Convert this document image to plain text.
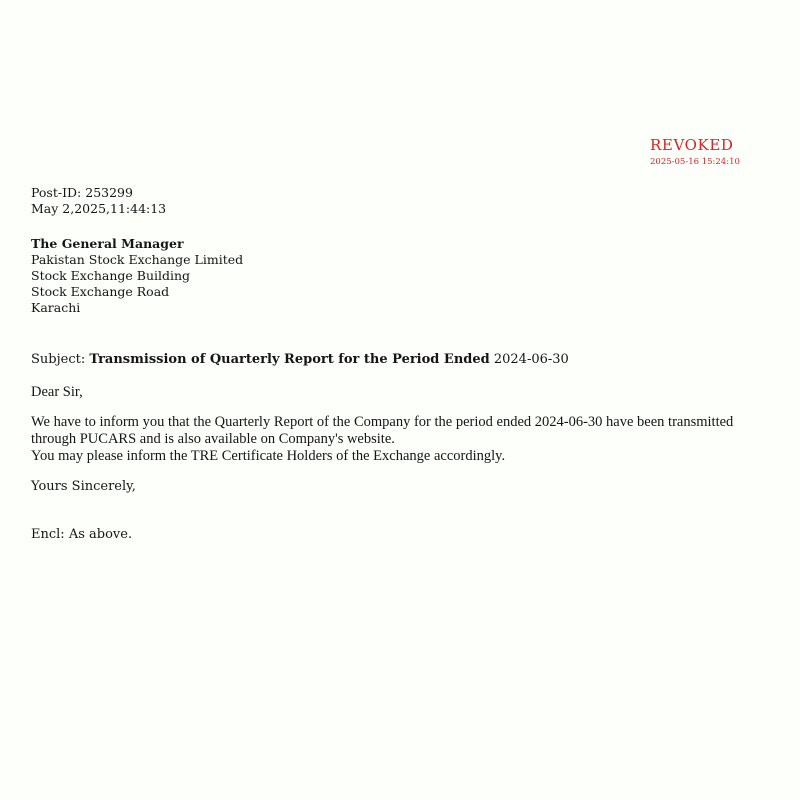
REVOKED
2025-05-16 15:24:10
Post-ID: 253299
May 2,2025,11:44:13
The General Manager
Pakistan Stock Exchange Limited
Stock Exchange Building
Stock Exchange Road
Karachi
Subject: Transmission of Quarterly Report for the Period Ended 2024-06-30
Dear Sir,
We have to inform you that the Quarterly Report of the Company for the period ended 2024-06-30 have been transmitted
through PUCARS and is also available on Company's website.
You may please inform the TRE Certificate Holders of the Exchange accordingly.
Yours Sincerely,
Encl: As above.
